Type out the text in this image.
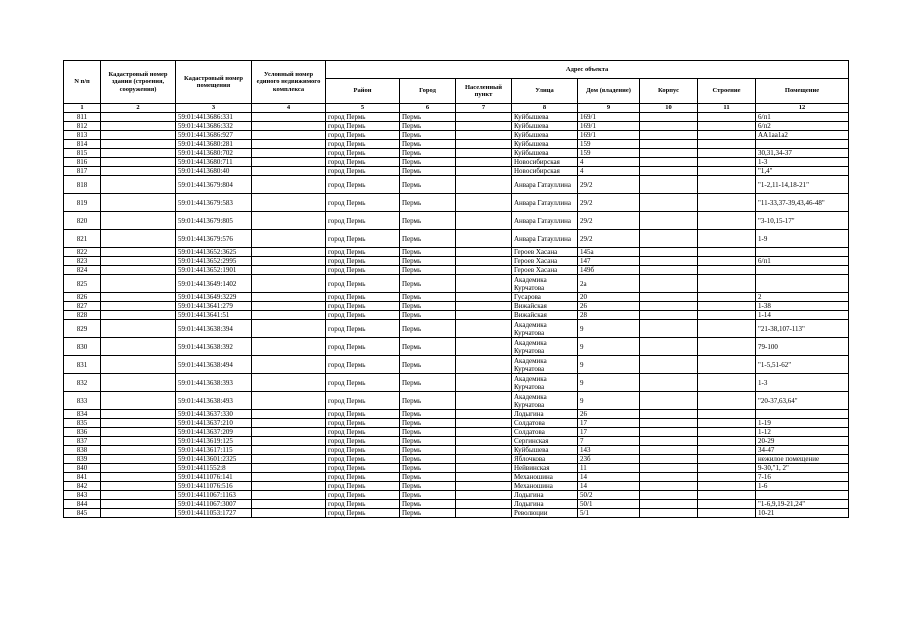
N п/п	Кадастровый номер здания (строения, сооружения)	Кадастровый номер помещения	Условный номер единого недвижимого комплекса	Адрес объекта							
				Район	Город	Населенный пункт	Улица	Дом (владение)	Корпус	Строение	Помещение
1	2	3	4	5	6	7	8	9	10	11	12
811		59:01:4413686:331		город Пермь	Пермь		Куйбышева	169/1			6/п1
812		59:01:4413686:332		город Пермь	Пермь		Куйбышева	169/1			6/п2
813		59:01:4413686:927		город Пермь	Пермь		Куйбышева	169/1			АА1аа1а2
814		59:01:4413680:281		город Пермь	Пермь		Куйбышева	159			
815		59:01:4413680:702		город Пермь	Пермь		Куйбышева	159			30,31,34-37
816		59:01:4413680:711		город Пермь	Пермь		Новосибирская	4			1-3
817		59:01:4413680:40		город Пермь	Пермь		Новосибирская	4			"1,4"
818		59:01:4413679:804		город Пермь	Пермь		Анвара Гатауллина	29/2			"1-2,11-14,18-21"
819		59:01:4413679:583		город Пермь	Пермь		Анвара Гатауллина	29/2			"11-33,37-39,43,46-48"
820		59:01:4413679:805		город Пермь	Пермь		Анвара Гатауллина	29/2			"3-10,15-17"
821		59:01:4413679:576		город Пермь	Пермь		Анвара Гатауллина	29/2			1-9
822		59:01:4413652:3625		город Пермь	Пермь		Героев Хасана	145а			
823		59:01:4413652:2995		город Пермь	Пермь		Героев Хасана	147			6/п1
824		59:01:4413652:1901		город Пермь	Пермь		Героев Хасана	149б			
825		59:01:4413649:1402		город Пермь	Пермь		Академика Курчатова	2а			
826		59:01:4413649:3229		город Пермь	Пермь		Гусарова	20			2
827		59:01:4413641:279		город Пермь	Пермь		Вижайская	26			1-38
828		59:01:4413641:51		город Пермь	Пермь		Вижайская	28			1-14
829		59:01:4413638:394		город Пермь	Пермь		Академика Курчатова	9			"21-38,107-113"
830		59:01:4413638:392		город Пермь	Пермь		Академика Курчатова	9			79-100
831		59:01:4413638:494		город Пермь	Пермь		Академика Курчатова	9			"1-5,51-62"
832		59:01:4413638:393		город Пермь	Пермь		Академика Курчатова	9			1-3
833		59:01:4413638:493		город Пермь	Пермь		Академика Курчатова	9			"20-37,63,64"
834		59:01:4413637:330		город Пермь	Пермь		Лодыгина	26			
835		59:01:4413637:210		город Пермь	Пермь		Солдатова	17			1-19
836		59:01:4413637:209		город Пермь	Пермь		Солдатова	17			1-12
837		59:01:4413619:125		город Пермь	Пермь		Сергинская	7			20-29
838		59:01:4413617:115		город Пермь	Пермь		Куйбышева	143			34-47
839		59:01:4413601:2325		город Пермь	Пермь		Яблочкова	23б			нежилое помещение
840		59:01:4411552:8		город Пермь	Пермь		Нейвинская	11			9-30,"1, 2"
841		59:01:4411076:141		город Пермь	Пермь		Механошина	14			7-16
842		59:01:4411076:516		город Пермь	Пермь		Механошина	14			1-6
843		59:01:4411067:1163		город Пермь	Пермь		Лодыгина	50/2			
844		59:01:4411067:3007		город Пермь	Пермь		Лодыгина	50/1			"1-6,9,19-21,24"
845		59:01:4411053:1727		город Пермь	Пермь		Революции	5/1			10-21
